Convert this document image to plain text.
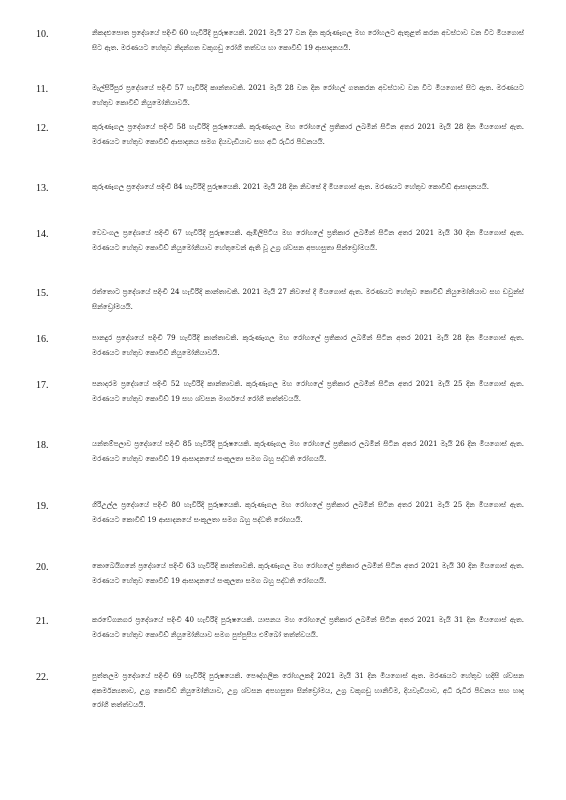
10.	නිකදළුපොත ප්‍රදේශයේ පදිංචි 60 හැවිරිදි පුරුෂයෙකි. 2021 මැයි 27 වන දින කුරුණෑගල මහ රෝහලට ඇතුළත් කරන අවස්ථාව වන විට මියගොස් සිට ඇත. මරණයට හේතුව නිදන්ගත වකුගඩු රෝගී තත්වය හා කොවිඩ් 19 ආසාදනයයි.
11.	මැල්සිරිපුර ප්‍රදේශයේ පදිංචි 57 හැවිරිදි කාන්තාවකි. 2021 මැයි 28 වන දින රෝහල් ගතකරන අවස්ථාව වන විට මියගොස් සිට ඇත. මරණයට හේතුව කොවිඩ් නියුමෝනියාවයි.
12.	කුරුණෑගල ප්‍රදේශයේ පදිංචි 58 හැවිරිදි පුරුෂයෙකි. කුරුණෑගල මහ රෝහලේ ප්‍රතිකාර ලබමින් සිටින අතර 2021 මැයි 28 දින මියගොස් ඇත. මරණයට හේතුව කොවිඩ් ආසාදනය සමග දියවැඩියාව සහ අධි රුධිර පීඩනයයි.
13.	කුරුණෑගල ප්‍රදේශයේ පදිංචි 84 හැවිරිදි පුරුෂයෙකි. 2021 මැයි 28 දින නිවසේ දී මියගොස් ඇත. මරණයට හේතුව කොවිඩ් ආසාදනයයි.
14.	වෙවංගල ප්‍රදේශයේ පදිංචි 67 හැවිරිදි පුරුෂයෙකි. ඇඹිලිපිටිය මහ රෝහලේ ප්‍රතිකාර ලබමින් සිටින අතර 2021 මැයි 30 දින මියගොස් ඇත. මරණයට හේතුව කොවිඩ් නියුමෝනියාව හේතුවෙන් ඇති වූ උග්‍ර ශ්වසන අපහසුතා සින්ඩ්‍රෝමයයි.
15.	රත්තොට ප්‍රදේශයේ පදිංචි 24 හැවිරිදි කාන්තාවකි. 2021 මැයි 27 නිවසේ දී මියගොස් ඇත. මරණයට හේතුව කොවිඩ් නියුමෝනියාව සහ ඩවුන්ස් සින්ඩ්‍රෝමයයි.
16.	පානදුර ප්‍රදේශයේ පදිංචි 79 හැවිරිදි කාන්තාවකි. කුරුණෑගල මහ රෝහලේ ප්‍රතිකාර ලබමින් සිටින අතර 2021 මැයි 28 දින මියගොස් ඇත. මරණයට හේතුව කොවිඩ් නියුමෝනියාවයි.
17.	පනාදරම ප්‍රදේශයේ පදිංචි 52 හැවිරිදි කාන්තාවකි. කුරුණෑගල මහ රෝහලේ ප්‍රතිකාර ලබමින් සිටින අතර 2021 මැයි 25 දින මියගොස් ඇත. මරණයට හේතුව කොවිඩ් 19 සහ ශ්වසන මාර්ගයේ රෝගී තත්ත්වයයි.
18.	යන්තම්පලාව ප්‍රදේශයේ පදිංචි 85 හැවිරිදි පුරුෂයෙකි. කුරුණෑගල මහ රෝහලේ ප්‍රතිකාර ලබමින් සිටින අතර 2021 මැයි 26 දින මියගොස් ඇත. මරණයට හේතුව කොවිඩ් 19 ආසාදනයේ සංකූලතා සමග බහු පද්ධති රෝගයයි.
19.	ගිරිඋල්ල ප්‍රදේශයේ පදිංචි 80 හැවිරිදි පුරුෂයෙකි. කුරුණෑගල මහ රෝහලේ ප්‍රතිකාර ලබමින් සිටින අතර 2021 මැයි 25 දින මියගොස් ඇත. මරණයට කොවිඩ් 19 ආසාදනයේ සංකූලතා සමග බහු පද්ධති රෝගයයි.
20.	කොබෙයිගනේ ප්‍රදේශයේ පදිංචි 63 හැවිරිදි කාන්තාවකි. කුරුණෑගල මහ රෝහලේ ප්‍රතිකාර ලබමින් සිටින අතර 2021 මැයි 30 දින මියගොස් ඇත. මරණයට හේතුව කොවිඩ් 19 ආසාදනයේ සංකූලතා සමග බහු පද්ධති රෝගයයි.
21.	කරවේගනගර ප්‍රදේශයේ පදිංචි 40 හැවිරිදි පුරුෂයෙකි. යාපනය මහ රෝහලේ ප්‍රතිකාර ලබමින් සිටින අතර 2021 මැයි 31 දින මියගොස් ඇත. මරණයට හේතුව කොවිඩ් නියුමෝනියාව සමග පුප්පුසීය එම්බෝ තත්ත්වයයි.
22.	පුත්තලම ප්‍රදේශයේ පදිංචි 69 හැවිරිදි පුරුෂයෙකි. පෞද්ගලික රෝහලකදී 2021 මැයි 31 දින මියගොස් ඇත. මරණයට හේතුව හදිසි ශ්වසන අකර්මන්‍යතාව, උග්‍ර කොවිඩ් නියුමෝනියාව, උග්‍ර ශ්වසන අපහසුතා සින්ඩ්‍රෝමය, උග්‍ර වකුගඩු හානිවීම, දියවැඩියාව, අධි රුධිර පීඩනය සහ හෘද රෝගී තත්ත්වයයි.
